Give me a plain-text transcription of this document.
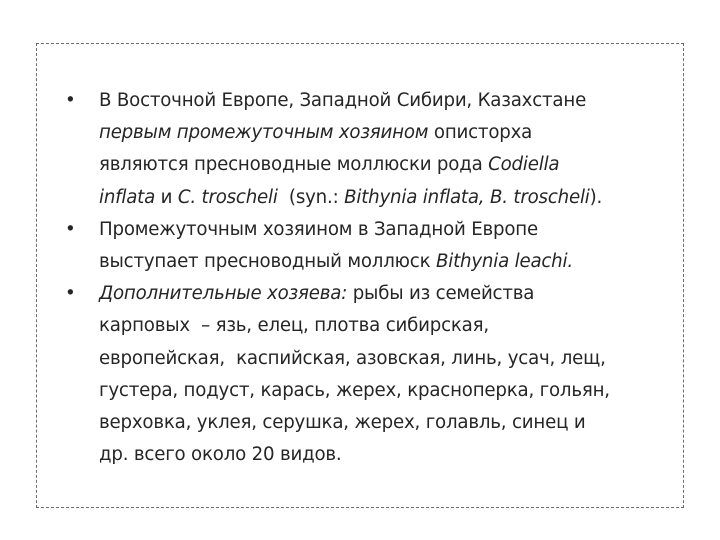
•	В Восточной Европе, Западной Сибири, Казахстане
первым промежуточным хозяином описторха
являются пресноводные моллюски рода Codiella
inflata и C. troscheli  (syn.: Bithynia inflata, B. troscheli).
•	Промежуточным хозяином в Западной Европе
выступает пресноводный моллюск Bithynia leachi.
•	Дополнительные хозяева: рыбы из семейства
карповых  – язь, елец, плотва сибирская,
европейская,  каспийская, азовская, линь, усач, лещ,
густера, подуст, карась, жерех, красноперка, гольян,
верховка, уклея, серушка, жерех, голавль, синец и
др. всего около 20 видов.
